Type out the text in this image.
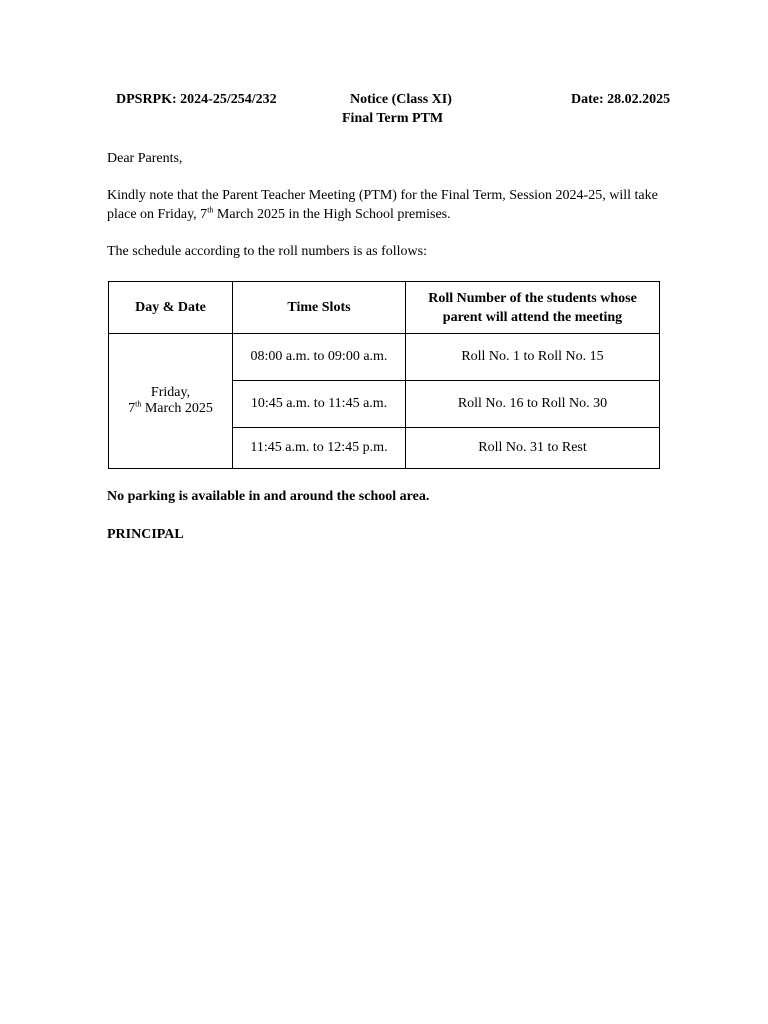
DPSRPK: 2024-25/254/232	Notice (Class XI)	Date: 28.02.2025
Final Term PTM
Dear Parents,
Kindly note that the Parent Teacher Meeting (PTM) for the Final Term, Session 2024-25, will take place on Friday, 7th March 2025 in the High School premises.
The schedule according to the roll numbers is as follows:
Day & Date	Time Slots	Roll Number of the students whose parent will attend the meeting

Friday,
7th March 2025	08:00 a.m. to 09:00 a.m.	Roll No. 1 to Roll No. 15
	10:45 a.m. to 11:45 a.m.	Roll No. 16 to Roll No. 30
	11:45 a.m. to 12:45 p.m.	Roll No. 31 to Rest
No parking is available in and around the school area.
PRINCIPAL
